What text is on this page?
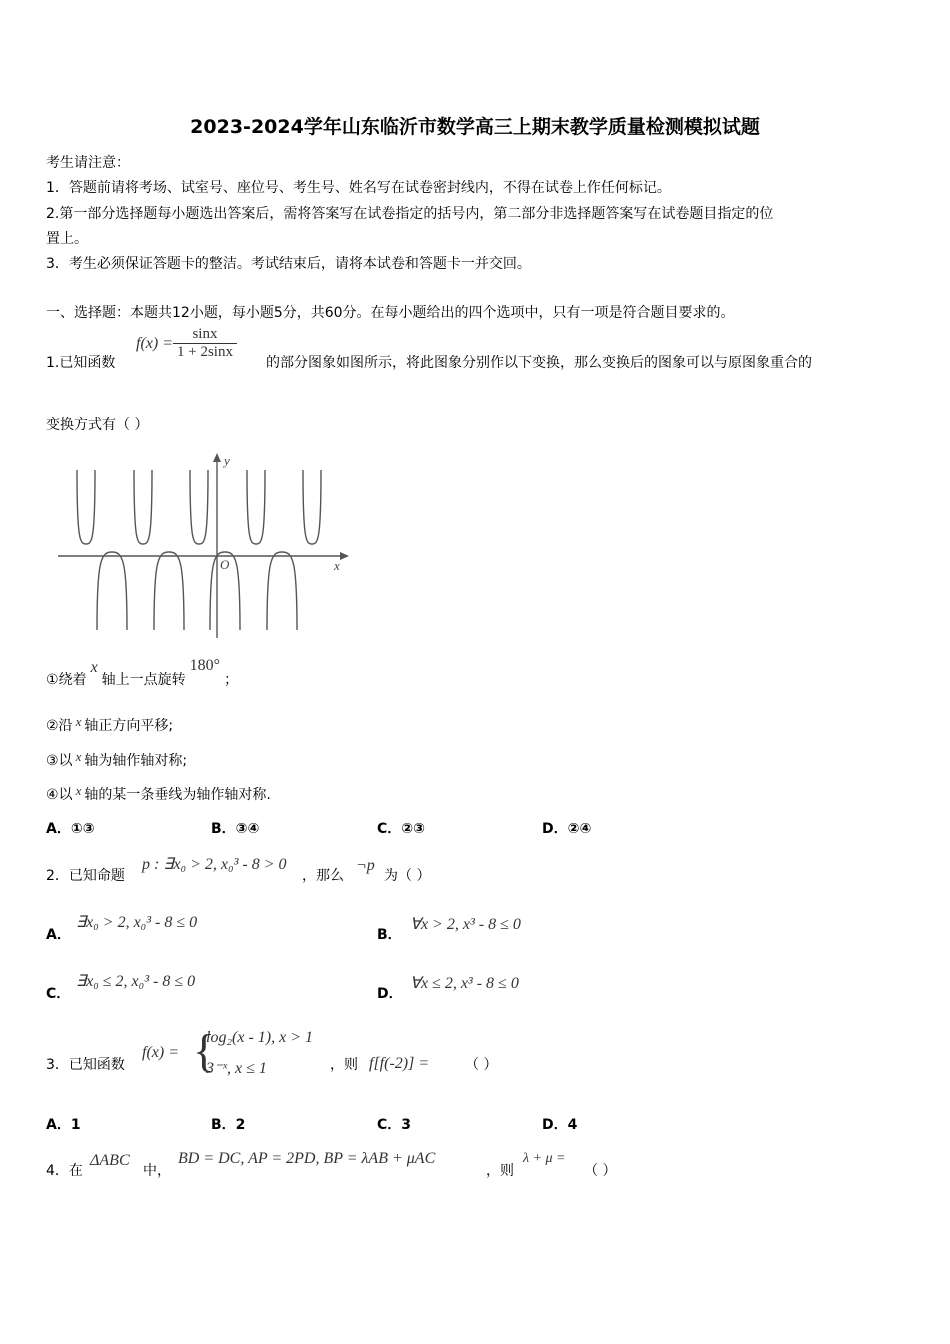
2023-2024学年山东临沂市数学高三上期末教学质量检测模拟试题
考生请注意：
1．答题前请将考场、试室号、座位号、考生号、姓名写在试卷密封线内，不得在试卷上作任何标记。
2.第一部分选择题每小题选出答案后，需将答案写在试卷指定的括号内，第二部分非选择题答案写在试卷题目指定的位
置上。
3．考生必须保证答题卡的整洁。考试结束后，请将本试卷和答题卡一并交回。
一、选择题：本题共12小题，每小题5分，共60分。在每小题给出的四个选项中，只有一项是符合题目要求的。
1.已知函数
$f(x) = \frac{\sin x}{1 + 2\sin x}$
的部分图象如图所示，将此图象分别作以下变换，那么变换后的图象可以与原图象重合的
变换方式有（ ）
y
x
O
①绕着x轴上一点旋转180°；
②沿 x 轴正方向平移;
③以 x 轴为轴作轴对称;
④以 x 轴的某一条垂线为轴作轴对称.
A．①③	B．③④	C．②③	D．②④
2．已知命题
p : ∃x₀ > 2, x₀³ - 8 > 0
，那么
¬p
为（ ）
A．
∃x₀ > 2, x₀³ - 8 ≤ 0
B．
∀x > 2, x³ - 8 ≤ 0
C．
∃x₀ ≤ 2, x₀³ - 8 ≤ 0
D．
∀x ≤ 2, x³ - 8 ≤ 0
3．已知函数
f(x) = {
log₂(x - 1), x > 1
3⁻ˣ, x ≤ 1	，则 f[f(-2)] =	（ ）
A．1	B．2	C．3	D．4
4．在
ΔABC
中，
BD = DC, AP = 2PD, BP = λAB + μAC
，则
λ + μ =
（ ）
